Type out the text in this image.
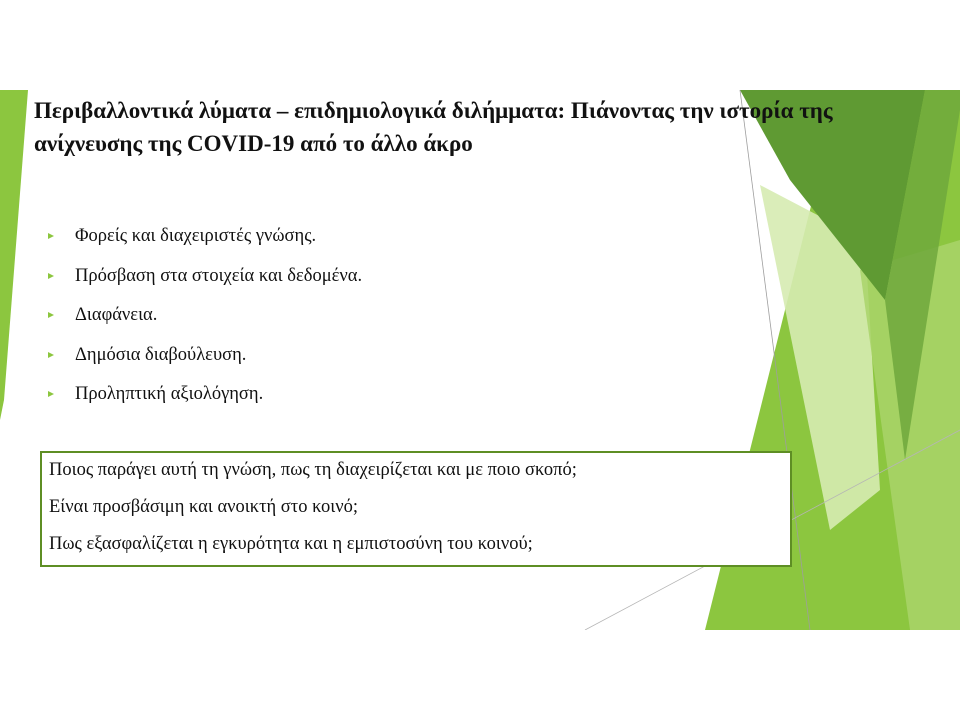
Περιβαλλοντικά λύματα – επιδημιολογικά διλήμματα: Πιάνοντας την ιστορία της ανίχνευσης της COVID-19 από το άλλο άκρο
Φορείς και διαχειριστές γνώσης.
Πρόσβαση στα στοιχεία και δεδομένα.
Διαφάνεια.
Δημόσια διαβούλευση.
Προληπτική αξιολόγηση.
Ποιος παράγει αυτή τη γνώση, πως τη διαχειρίζεται και με ποιο σκοπό;
Είναι προσβάσιμη και ανοικτή στο κοινό;
Πως εξασφαλίζεται η εγκυρότητα και η εμπιστοσύνη του κοινού;
